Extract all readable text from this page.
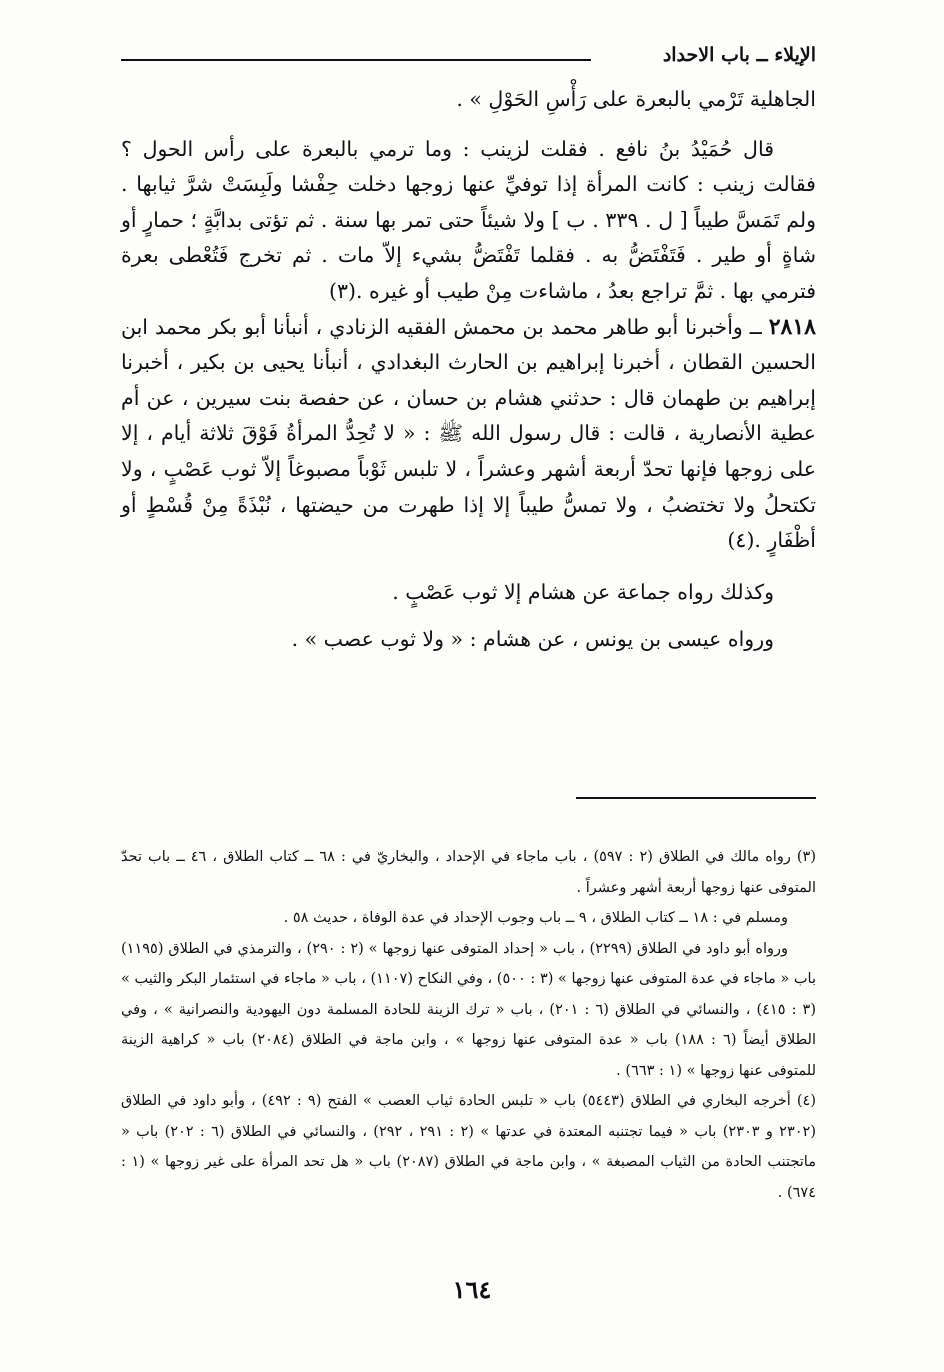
الإيلاء ــ باب الاحداد

الجاهلية تَرْمي بالبعرة على رَأْسِ الحَوْلِ » .

قال حُمَيْدُ بنُ نافع . فقلت لزينب : وما ترمي بالبعرة على رأس الحول ؟ فقالت زينب : كانت المرأة إذا توفيِّ عنها زوجها دخلت حِفْشا ولَبِسَتْ شرَّ ثيابها . ولم تَمَسَّ طيباً [ ل . ٣٣٩ . ب ] ولا شيئاً حتى تمر بها سنة . ثم تؤتى بدابَّةٍ ؛ حمارٍ أو شاةٍ أو طير . فَتَفْتَضُّ به . فقلما تَفْتَضُّ بشيء إلاّ مات . ثم تخرج فَتُعْطى بعرة فترمي بها . ثمَّ تراجع بعدُ ، ماشاءت مِنْ طيب أو غيره .(٣)

٢٨١٨ ــ وأخبرنا أبو طاهر محمد بن محمش الفقيه الزنادي ، أنبأنا أبو بكر محمد ابن الحسين القطان ، أخبرنا إبراهيم بن الحارث البغدادي ، أنبأنا يحيى بن بكير ، أخبرنا إبراهيم بن طهمان قال : حدثني هشام بن حسان ، عن حفصة بنت سيرين ، عن أم عطية الأنصارية ، قالت : قال رسول الله ﷺ : « لا تُحِدُّ المرأةُ فَوْقَ ثلاثة أيام ، إلا على زوجها فإنها تحدّ أربعة أشهر وعشراً ، لا تلبس ثَوْباً مصبوغاً إلاّ ثوب عَصْبٍ ، ولا تكتحلُ ولا تختضبُ ، ولا تمسُّ طيباً إلا إذا طهرت من حيضتها ، نُبْذَةً مِنْ قُسْطٍ أو أظْفَارٍ .(٤)

وكذلك رواه جماعة عن هشام إلا ثوب عَصْبٍ .

ورواه عيسى بن يونس ، عن هشام : « ولا ثوب عصب » .

(٣) رواه مالك في الطلاق (٢ : ٥٩٧) ، باب ماجاء في الإحداد ، والبخاريّ في : ٦٨ ــ كتاب الطلاق ، ٤٦ ــ باب تحدّ المتوفى عنها زوجها أربعة أشهر وعشراً .

ومسلم في : ١٨ ــ كتاب الطلاق ، ٩ ــ باب وجوب الإحداد في عدة الوفاة ، حديث ٥٨ .

ورواه أبو داود في الطلاق (٢٢٩٩) ، باب « إحداد المتوفى عنها زوجها » (٢ : ٢٩٠) ، والترمذي في الطلاق (١١٩٥) باب « ماجاء في عدة المتوفى عنها زوجها » (٣ : ٥٠٠) ، وفي النكاح (١١٠٧) ، باب « ماجاء في استئمار البكر والثيب » (٣ : ٤١٥) ، والنسائي في الطلاق (٦ : ٢٠١) ، باب « ترك الزينة للحادة المسلمة دون اليهودية والنصرانية » ، وفي الطلاق أيضاً (٦ : ١٨٨) باب « عدة المتوفى عنها زوجها » ، وابن ماجة في الطلاق (٢٠٨٤) باب « كراهية الزينة للمتوفى عنها زوجها » (١ : ٦٦٣) .

(٤) أخرجه البخاري في الطلاق (٥٤٤٣) باب « تلبس الحادة ثياب العصب » الفتح (٩ : ٤٩٢) ، وأبو داود في الطلاق (٢٣٠٢ و ٢٣٠٣) باب « فيما تجتنبه المعتدة في عدتها » (٢ : ٢٩١ ، ٢٩٢) ، والنسائي في الطلاق (٦ : ٢٠٢) باب « ماتجتنب الحادة من الثياب المصبغة » ، وابن ماجة في الطلاق (٢٠٨٧) باب « هل تحد المرأة على غير زوجها » (١ : ٦٧٤) .

١٦٤
